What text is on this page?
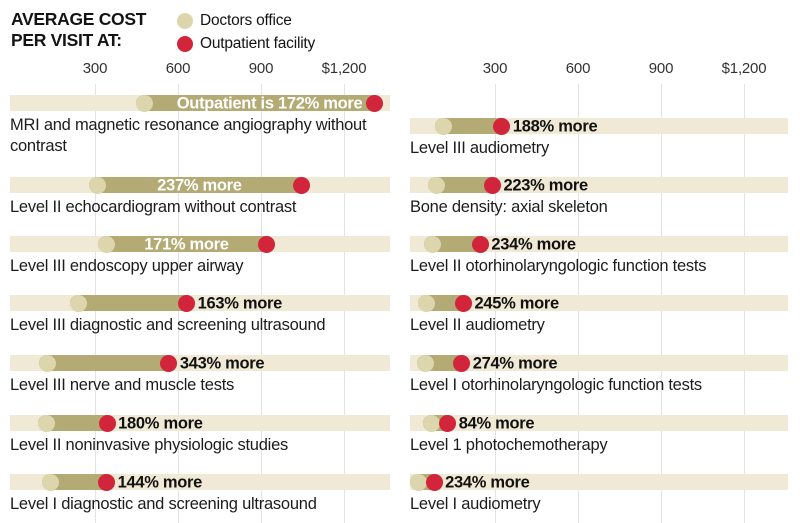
AVERAGE COST
PER VISIT AT:
Doctors office
Outpatient facility
300	600	900	$1,200
Outpatient is 172% more
MRI and magnetic resonance angiography without contrast
237% more
Level II echocardiogram without contrast
171% more
Level III endoscopy upper airway
163% more
Level III diagnostic and screening ultrasound
343% more
Level III nerve and muscle tests
180% more
Level II noninvasive physiologic studies
144% more
Level I diagnostic and screening ultrasound
300	600	900	$1,200
188% more
Level III audiometry
223% more
Bone density: axial skeleton
234% more
Level II otorhinolaryngologic function tests
245% more
Level II audiometry
274% more
Level I otorhinolaryngologic function tests
84% more
Level 1 photochemotherapy
234% more
Level I audiometry
